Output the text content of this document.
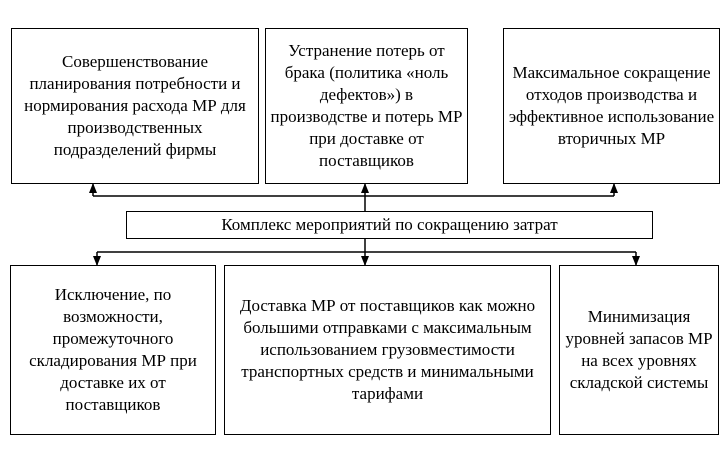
Совершенствование планирования потребности и нормирования расхода МР для производственных подразделений фирмы
Устранение потерь от брака (политика «ноль дефектов») в производстве и потерь МР при доставке от поставщиков
Максимальное сокращение отходов производства и эффективное использование вторичных МР
Комплекс мероприятий по сокращению затрат
Исключение, по возможности, промежуточного складирования МР при доставке их от поставщиков
Доставка МР от поставщиков как можно большими отправками с максимальным использованием грузовместимости транспортных средств и минимальными тарифами
Минимизация уровней запасов МР на всех уровнях складской системы
